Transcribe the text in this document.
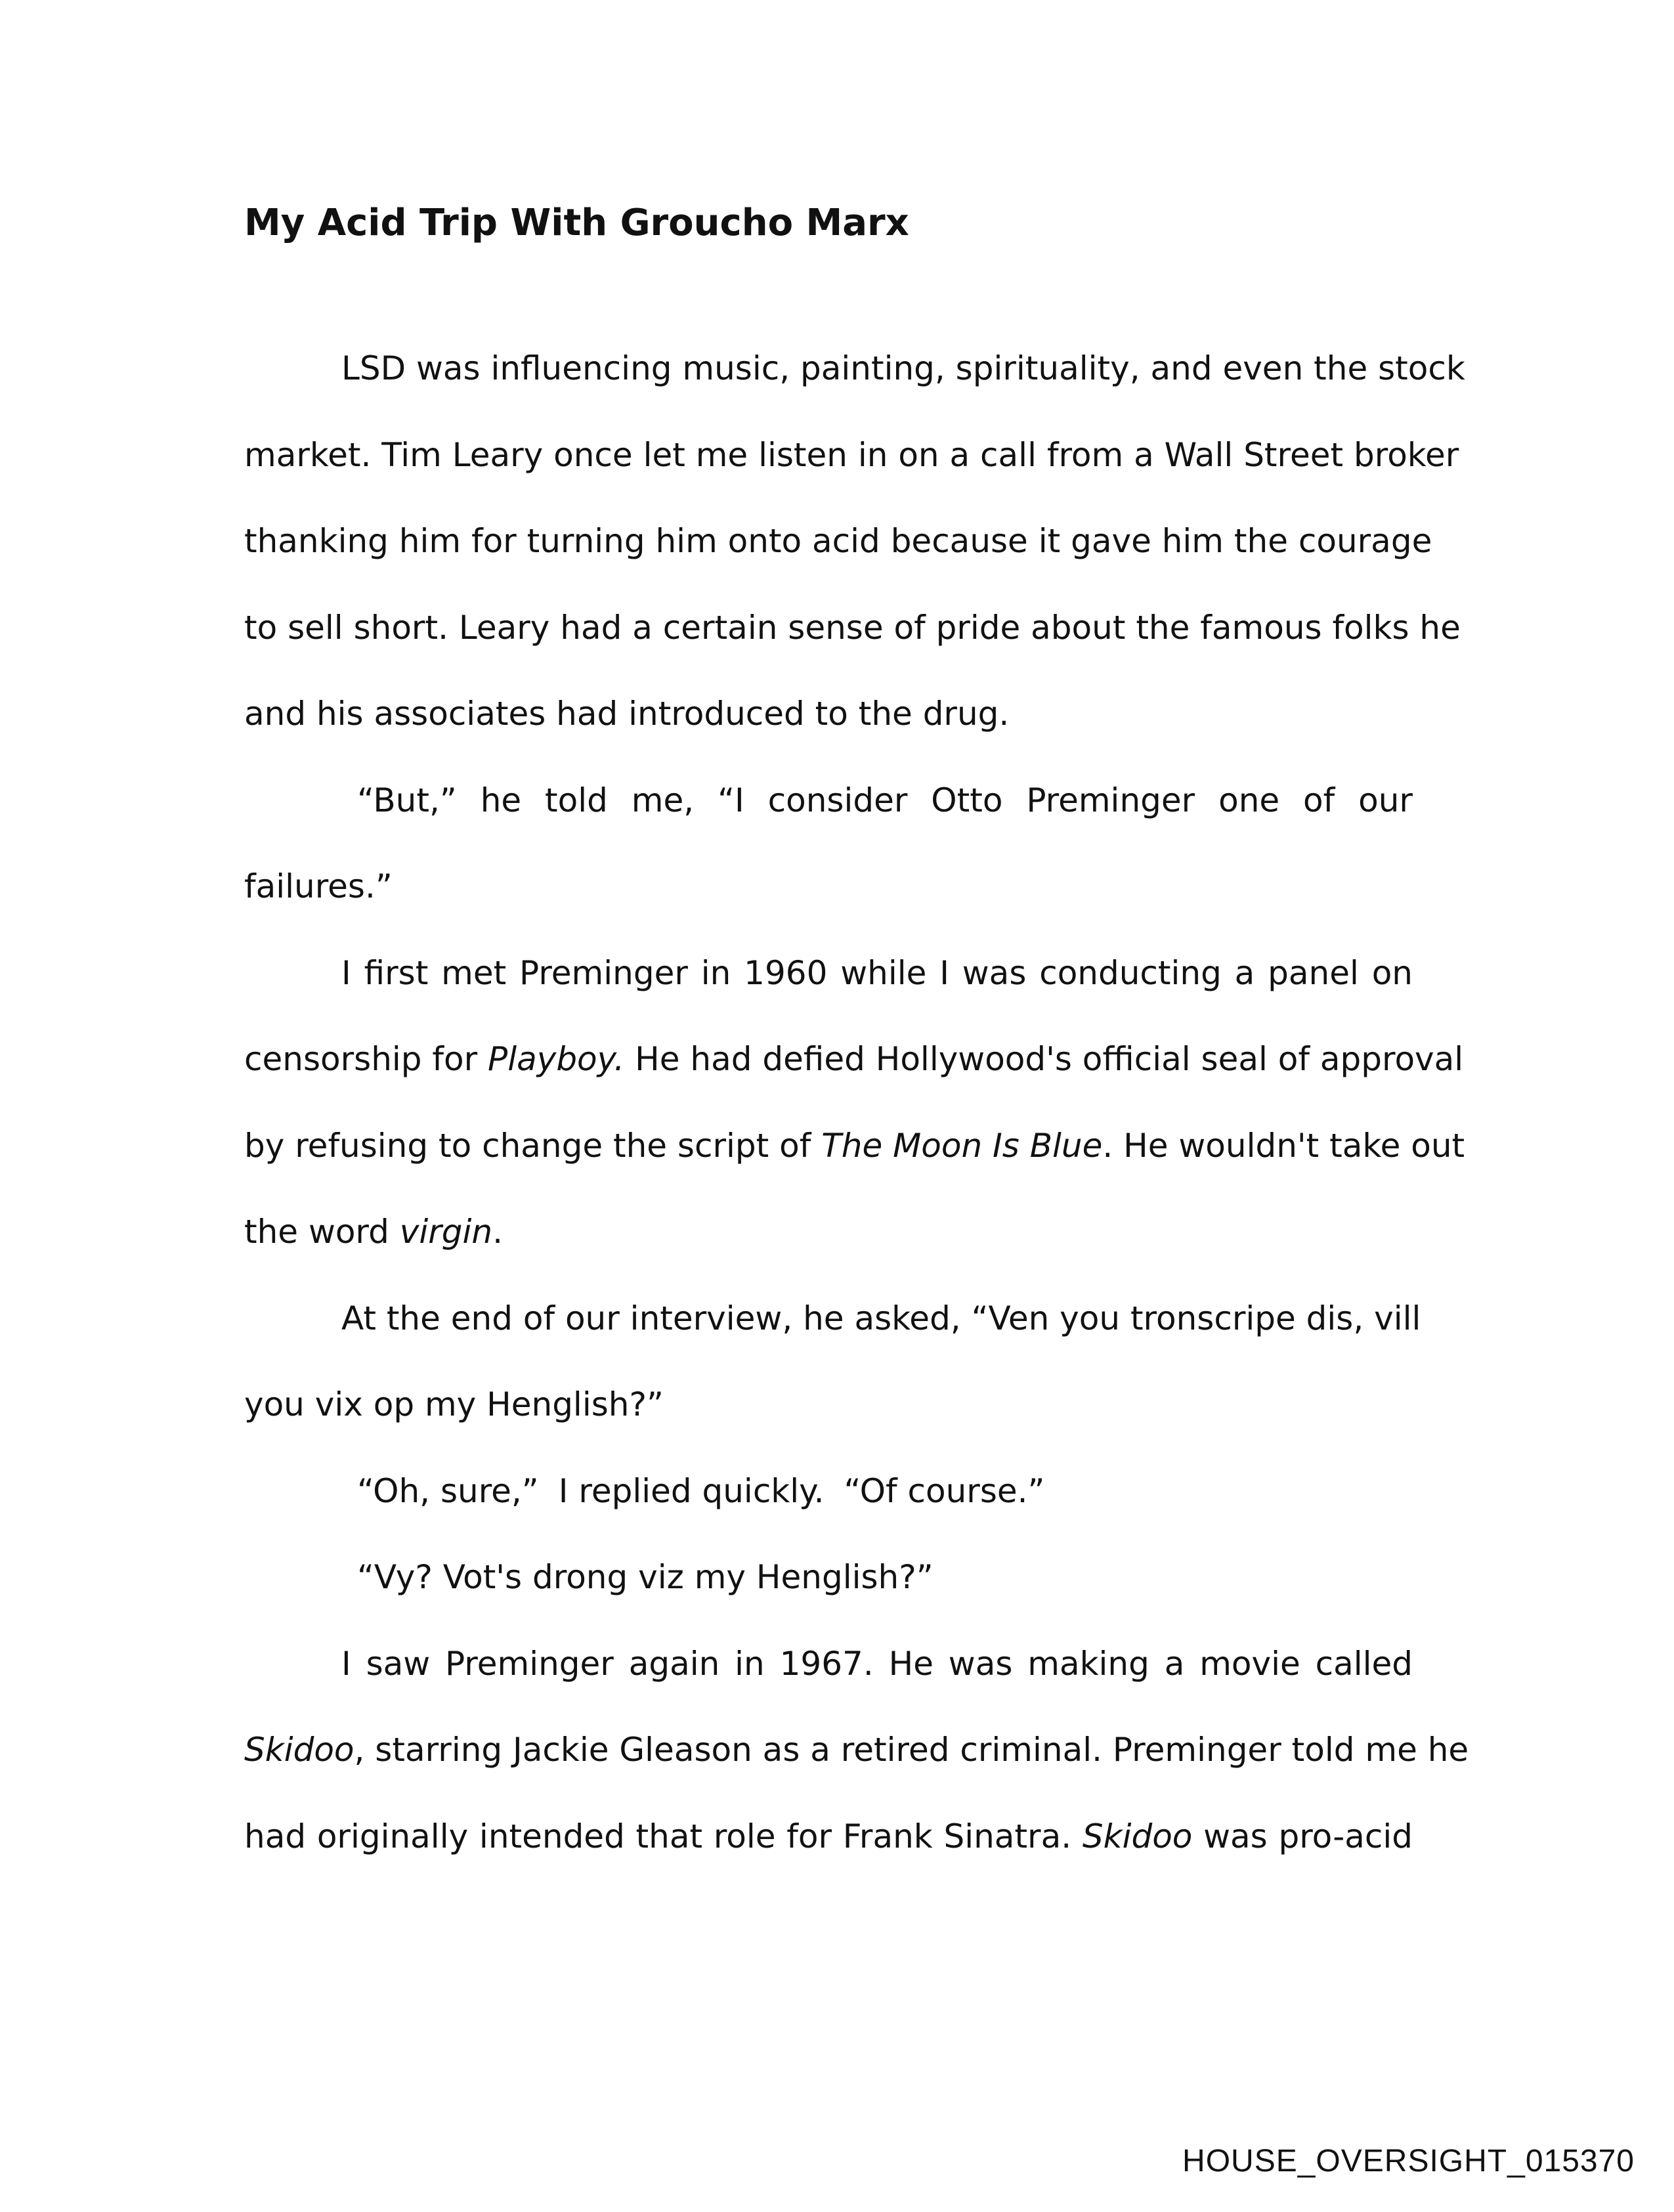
My Acid Trip With Groucho Marx
LSD was influencing music, painting, spirituality, and even the stock
market. Tim Leary once let me listen in on a call from a Wall Street broker
thanking him for turning him onto acid because it gave him the courage
to sell short. Leary had a certain sense of pride about the famous folks he
and his associates had introduced to the drug.
“But,” he told me, “I consider Otto Preminger one of our
failures.”
I first met Preminger in 1960 while I was conducting a panel on
censorship for Playboy. He had defied Hollywood's official seal of approval
by refusing to change the script of The Moon Is Blue. He wouldn't take out
the word virgin.
At the end of our interview, he asked, “Ven you tronscripe dis, vill
you vix op my Henglish?”
“Oh, sure,” I replied quickly. “Of course.”
“Vy? Vot's drong viz my Henglish?”
I saw Preminger again in 1967. He was making a movie called
Skidoo, starring Jackie Gleason as a retired criminal. Preminger told me he
had originally intended that role for Frank Sinatra. Skidoo was pro-acid
HOUSE_OVERSIGHT_015370
